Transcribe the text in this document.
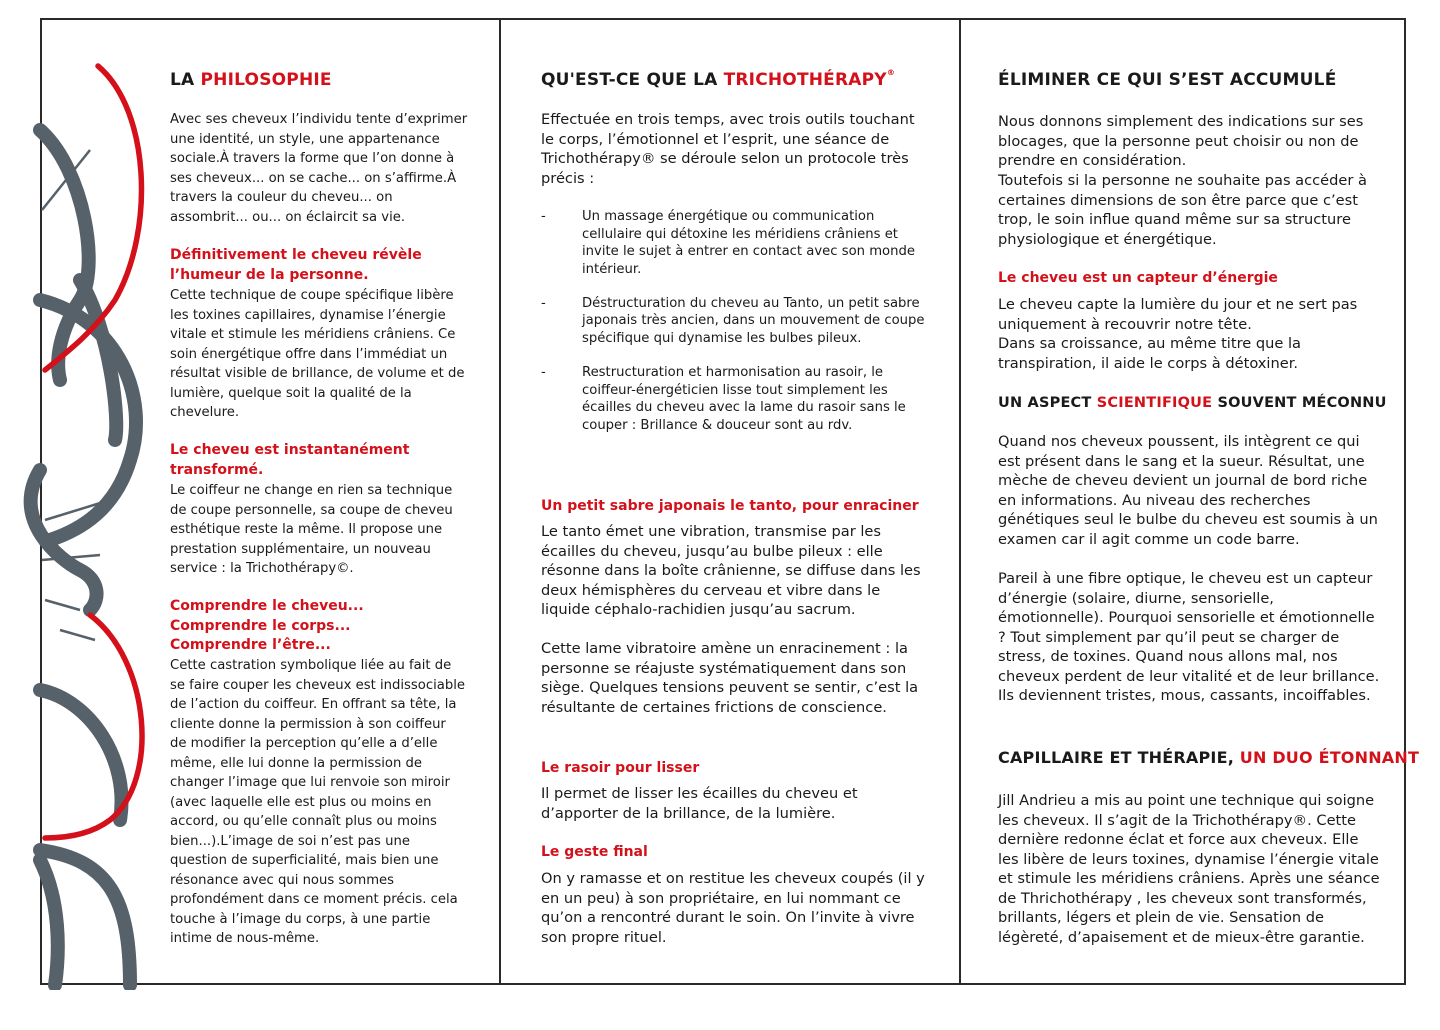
LA PHILOSOPHIE

Avec ses cheveux l’individu tente d’exprimer une identité, un style, une appartenance sociale.À travers la forme que l’on donne à ses cheveux... on se cache... on s’affirme.À travers la couleur du cheveu... on assombrit... ou... on éclaircit sa vie.

Définitivement le cheveu révèle l’humeur de la personne.

Cette technique de coupe spécifique libère les toxines capillaires, dynamise l’énergie vitale et stimule les méridiens crâniens. Ce soin énergétique offre dans l’immédiat un résultat visible de brillance, de volume et de lumière, quelque soit la qualité de la chevelure.

Le cheveu est instantanément transformé.

Le coiffeur ne change en rien sa technique de coupe personnelle, sa coupe de cheveu esthétique reste la même. Il propose une prestation supplémentaire, un nouveau service : la Trichothérapy©.

Comprendre le cheveu... Comprendre le corps... Comprendre l’être...

Cette castration symbolique liée au fait de se faire couper les cheveux est indissociable de l’action du coiffeur. En offrant sa tête, la cliente donne la permission à son coiffeur de modifier la perception qu’elle a d’elle même, elle lui donne la permission de changer l’image que lui renvoie son miroir (avec laquelle elle est plus ou moins en accord, ou qu’elle connaît plus ou moins bien...).L’image de soi n’est pas une question de superficialité, mais bien une résonance avec qui nous sommes profondément dans ce moment précis. cela touche à l’image du corps, à une partie intime de nous-même.

QU'EST-CE QUE LA TRICHOTHÉRAPY®

Effectuée en trois temps, avec trois outils touchant le corps, l’émotionnel et l’esprit, une séance de Trichothérapy® se déroule selon un protocole très précis :

-	Un massage énergétique ou communication cellulaire qui détoxine les méridiens crâniens et invite le sujet à entrer en contact avec son monde intérieur.
-	Déstructuration du cheveu au Tanto, un petit sabre japonais très ancien, dans un mouvement de coupe spécifique qui dynamise les bulbes pileux.
-	Restructuration et harmonisation au rasoir, le coiffeur-énergéticien lisse tout simplement les écailles du cheveu avec la lame du rasoir sans le couper : Brillance & douceur sont au rdv.
Un petit sabre japonais le tanto, pour enraciner

Le tanto émet une vibration, transmise par les écailles du cheveu, jusqu’au bulbe pileux : elle résonne dans la boîte crânienne, se diffuse dans les deux hémisphères du cerveau et vibre dans le liquide céphalo-rachidien jusqu’au sacrum.

Cette lame vibratoire amène un enracinement : la personne se réajuste systématiquement dans son siège. Quelques tensions peuvent se sentir, c’est la résultante de certaines frictions de conscience.

Le rasoir pour lisser

Il permet de lisser les écailles du cheveu et d’apporter de la brillance, de la lumière.

Le geste final

On y ramasse et on restitue les cheveux coupés (il y en un peu) à son propriétaire, en lui nommant ce qu’on a rencontré durant le soin. On l’invite à vivre son propre rituel.

ÉLIMINER CE QUI S’EST ACCUMULÉ

Nous donnons simplement des indications sur ses blocages, que la personne peut choisir ou non de prendre en considération.

Toutefois si la personne ne souhaite pas accéder à certaines dimensions de son être parce que c’est trop, le soin influe quand même sur sa structure physiologique et énergétique.

Le cheveu est un capteur d’énergie

Le cheveu capte la lumière du jour et ne sert pas uniquement à recouvrir notre tête.

Dans sa croissance, au même titre que la transpiration, il aide le corps à détoxiner.

UN ASPECT SCIENTIFIQUE SOUVENT MÉCONNU

Quand nos cheveux poussent, ils intègrent ce qui est présent dans le sang et la sueur. Résultat, une mèche de cheveu devient un journal de bord riche en informations. Au niveau des recherches génétiques seul le bulbe du cheveu est soumis à un examen car il agit comme un code barre.

Pareil à une fibre optique, le cheveu est un capteur d’énergie (solaire, diurne, sensorielle, émotionnelle). Pourquoi sensorielle et émotionnelle ? Tout simplement par qu’il peut se charger de stress, de toxines. Quand nous allons mal, nos cheveux perdent de leur vitalité et de leur brillance. Ils deviennent tristes, mous, cassants, incoiffables.

CAPILLAIRE ET THÉRAPIE, UN DUO ÉTONNANT

Jill Andrieu a mis au point une technique qui soigne les cheveux. Il s’agit de la Trichothérapy®. Cette dernière redonne éclat et force aux cheveux. Elle les libère de leurs toxines, dynamise l’énergie vitale et stimule les méridiens crâniens. Après une séance de Thrichothérapy , les cheveux sont transformés, brillants, légers et plein de vie. Sensation de légèreté, d’apaisement et de mieux-être garantie.
